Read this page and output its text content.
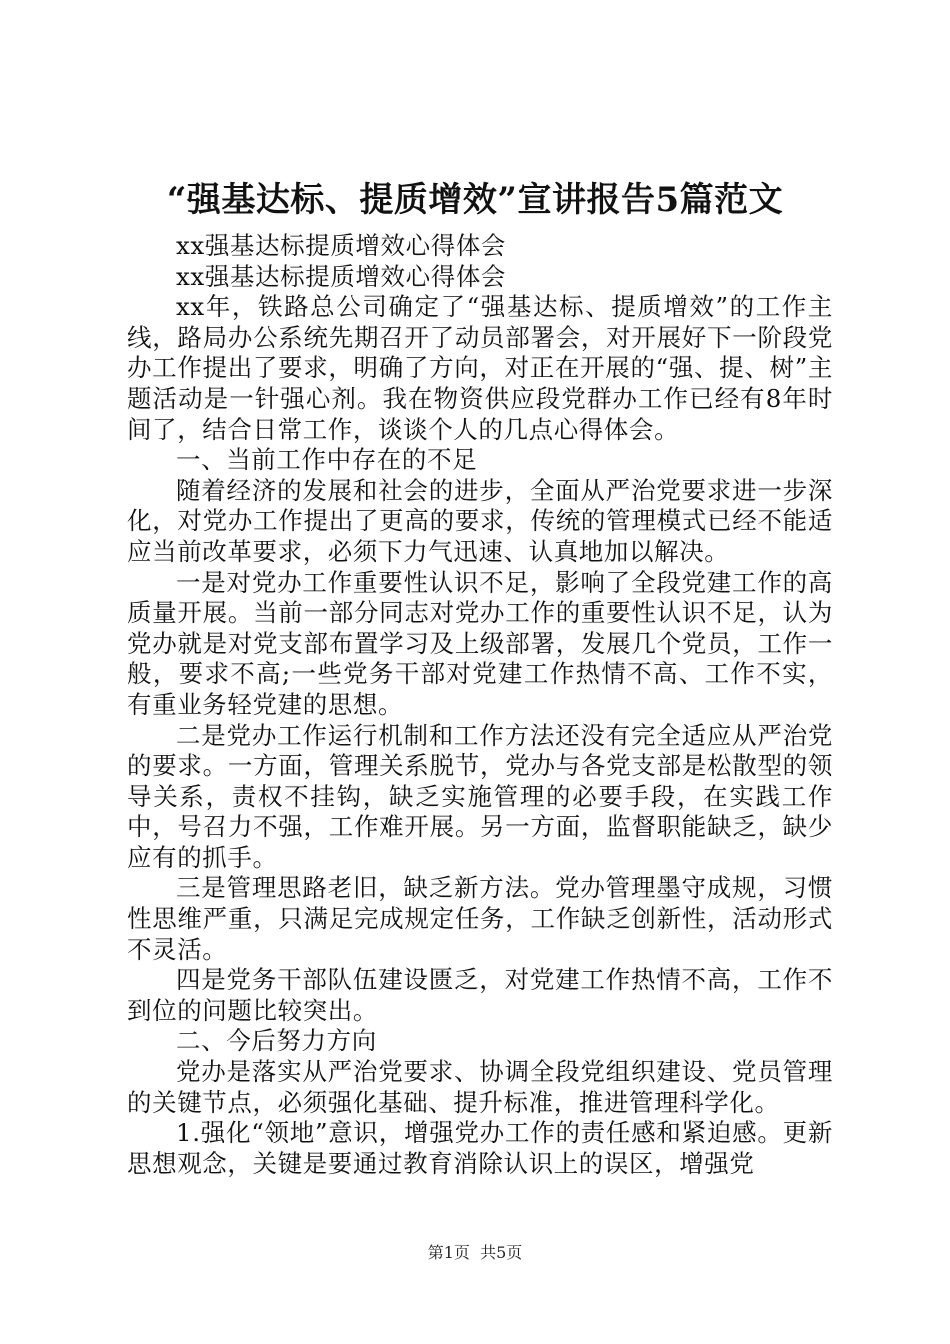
“强基达标、提质增效”宣讲报告5篇范文

xx强基达标提质增效心得体会

xx强基达标提质增效心得体会

xx年，铁路总公司确定了“强基达标、提质增效”的工作主线，路局办公系统先期召开了动员部署会，对开展好下一阶段党办工作提出了要求，明确了方向，对正在开展的“强、提、树”主题活动是一针强心剂。我在物资供应段党群办工作已经有8年时间了，结合日常工作，谈谈个人的几点心得体会。

一、当前工作中存在的不足

随着经济的发展和社会的进步，全面从严治党要求进一步深化，对党办工作提出了更高的要求，传统的管理模式已经不能适应当前改革要求，必须下力气迅速、认真地加以解决。

一是对党办工作重要性认识不足，影响了全段党建工作的高质量开展。当前一部分同志对党办工作的重要性认识不足，认为党办就是对党支部布置学习及上级部署，发展几个党员，工作一般，要求不高;一些党务干部对党建工作热情不高、工作不实，有重业务轻党建的思想。

二是党办工作运行机制和工作方法还没有完全适应从严治党的要求。一方面，管理关系脱节，党办与各党支部是松散型的领导关系，责权不挂钩，缺乏实施管理的必要手段，在实践工作中，号召力不强，工作难开展。另一方面，监督职能缺乏，缺少应有的抓手。

三是管理思路老旧，缺乏新方法。党办管理墨守成规，习惯性思维严重，只满足完成规定任务，工作缺乏创新性，活动形式不灵活。

四是党务干部队伍建设匮乏，对党建工作热情不高，工作不到位的问题比较突出。

二、今后努力方向

党办是落实从严治党要求、协调全段党组织建设、党员管理的关键节点，必须强化基础、提升标准，推进管理科学化。

1.强化“领地”意识，增强党办工作的责任感和紧迫感。更新思想观念，关键是要通过教育消除认识上的误区，增强党

第1页 共5页
